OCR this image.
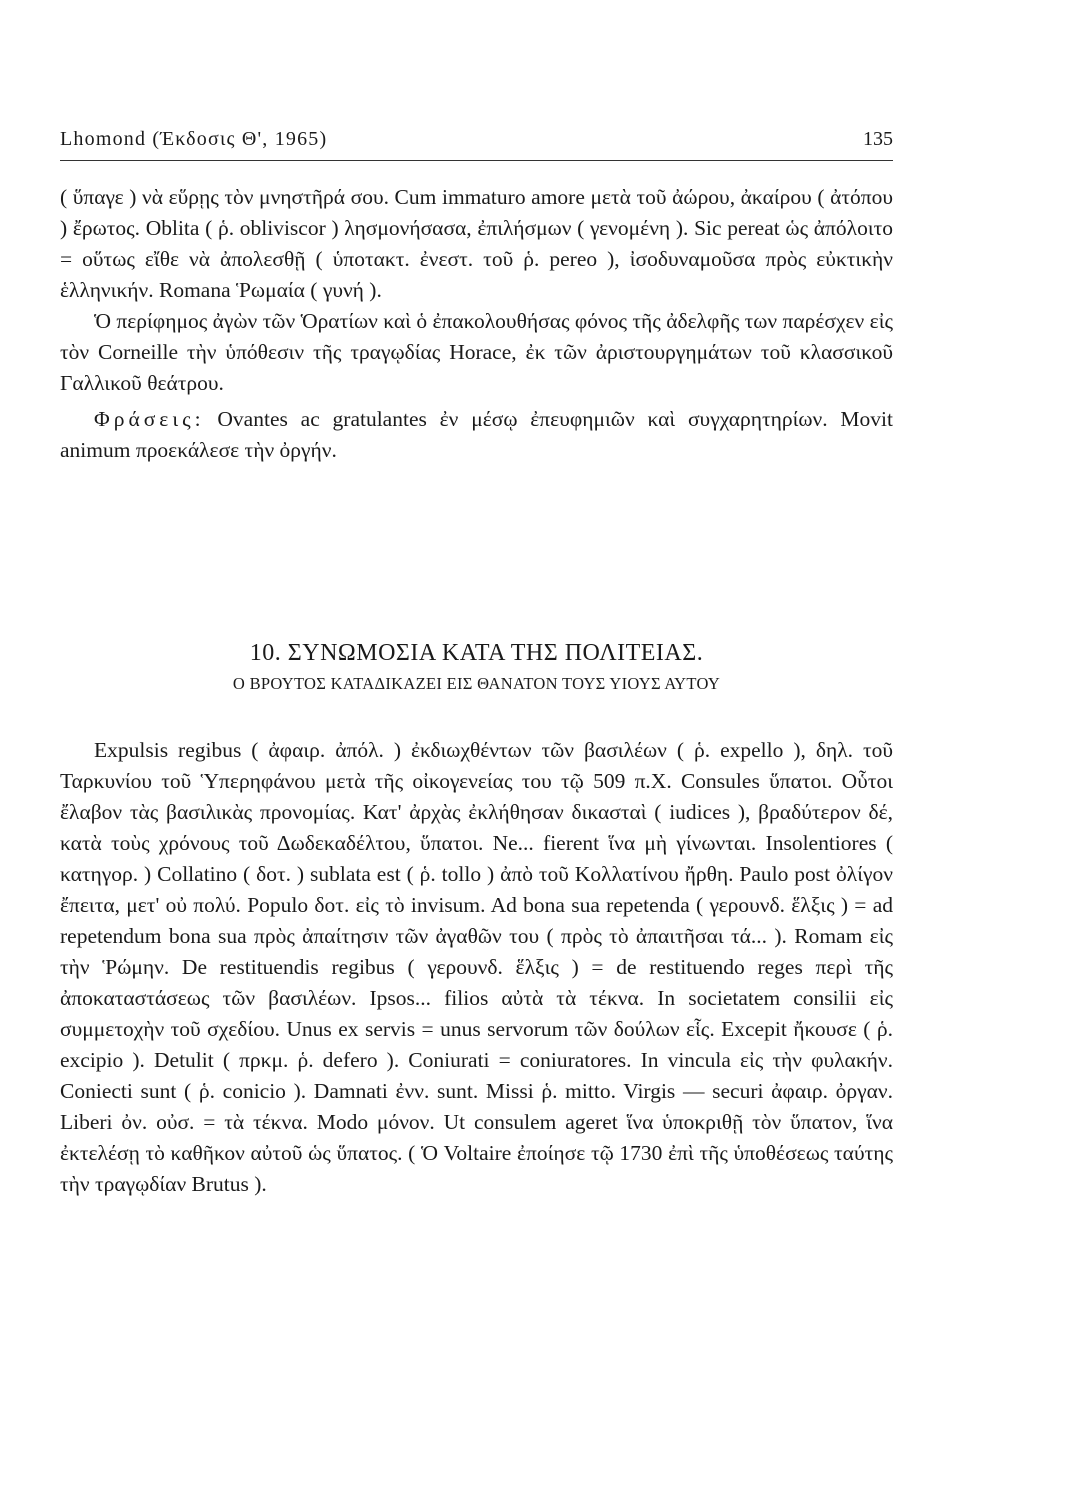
Lhomond (Έκδοσις Θ', 1965)	135

( ὕπαγε ) νὰ εὕρῃς τὸν μνηστῆρά σου. Cum immaturo amore μετὰ τοῦ ἀώρου, ἀκαίρου ( ἀτόπου ) ἔρωτος. Oblita ( ῥ. obliviscor ) λησμονήσασα, ἐπιλήσμων ( γενομένη ). Sic pereat ὡς ἀπόλοιτο = οὕτως εἴθε νὰ ἀπολεσθῇ ( ὑποτακτ. ἐνεστ. τοῦ ῥ. pereo ), ἰσοδυναμοῦσα πρὸς εὐκτικὴν ἑλληνικήν. Romana Ῥωμαία ( γυνή ).

Ὁ περίφημος ἀγὼν τῶν Ὁρατίων καὶ ὁ ἐπακολουθήσας φόνος τῆς ἀδελφῆς των παρέσχεν εἰς τὸν Corneille τὴν ὑπόθεσιν τῆς τραγῳδίας Horace, ἐκ τῶν ἀριστουργημάτων τοῦ κλασσικοῦ Γαλλικοῦ θεάτρου.

Φράσεις: Ovantes ac gratulantes ἐν μέσῳ ἐπευφημιῶν καὶ συγχαρητηρίων. Movit animum προεκάλεσε τὴν ὀργήν.

10. ΣΥΝΩΜΟΣΙΑ ΚΑΤΑ ΤΗΣ ΠΟΛΙΤΕΙΑΣ.
Ο ΒΡΟΥΤΟΣ ΚΑΤΑΔΙΚΑΖΕΙ ΕΙΣ ΘΑΝΑΤΟΝ ΤΟΥΣ ΥΙΟΥΣ ΑΥΤΟΥ

Expulsis regibus ( ἀφαιρ. ἀπόλ. ) ἐκδιωχθέντων τῶν βασιλέων ( ῥ. expello ), δηλ. τοῦ Ταρκυνίου τοῦ Ὑπερηφάνου μετὰ τῆς οἰκογενείας του τῷ 509 π.Χ. Consules ὕπατοι. Οὗτοι ἔλαβον τὰς βασιλικὰς προνομίας. Κατ' ἀρχὰς ἐκλήθησαν δικασταὶ ( iudices ), βραδύτερον δέ, κατὰ τοὺς χρόνους τοῦ Δωδεκαδέλτου, ὕπατοι. Ne... fierent ἵνα μὴ γίνωνται. Insolentiores ( κατηγορ. ) Collatino ( δοτ. ) sublata est ( ῥ. tollo ) ἀπὸ τοῦ Κολλατίνου ἤρθη. Paulo post ὀλίγον ἔπειτα, μετ' οὐ πολύ. Populo δοτ. εἰς τὸ invisum. Ad bona sua repetenda ( γερουνδ. ἕλξις ) = ad repetendum bona sua πρὸς ἀπαίτησιν τῶν ἀγαθῶν του ( πρὸς τὸ ἀπαιτῆσαι τά... ). Romam εἰς τὴν Ῥώμην. De restituendis regibus ( γερουνδ. ἕλξις ) = de restituendo reges περὶ τῆς ἀποκαταστάσεως τῶν βασιλέων. Ipsos... filios αὐτὰ τὰ τέκνα. In societatem consilii εἰς συμμετοχὴν τοῦ σχεδίου. Unus ex servis = unus servorum τῶν δούλων εἷς. Excepit ἤκουσε ( ῥ. excipio ). Detulit ( πρκμ. ῥ. defero ). Coniurati = coniuratores. In vincula εἰς τὴν φυλακήν. Coniecti sunt ( ῥ. conicio ). Damnati ἐνν. sunt. Missi ῥ. mitto. Virgis — securi ἀφαιρ. ὀργαν. Liberi ὀν. οὐσ. = τὰ τέκνα. Modo μόνον. Ut consulem ageret ἵνα ὑποκριθῇ τὸν ὕπατον, ἵνα ἐκτελέσῃ τὸ καθῆκον αὐτοῦ ὡς ὕπατος. ( Ὁ Voltaire ἐποίησε τῷ 1730 ἐπὶ τῆς ὑποθέσεως ταύτης τὴν τραγῳδίαν Brutus ).
